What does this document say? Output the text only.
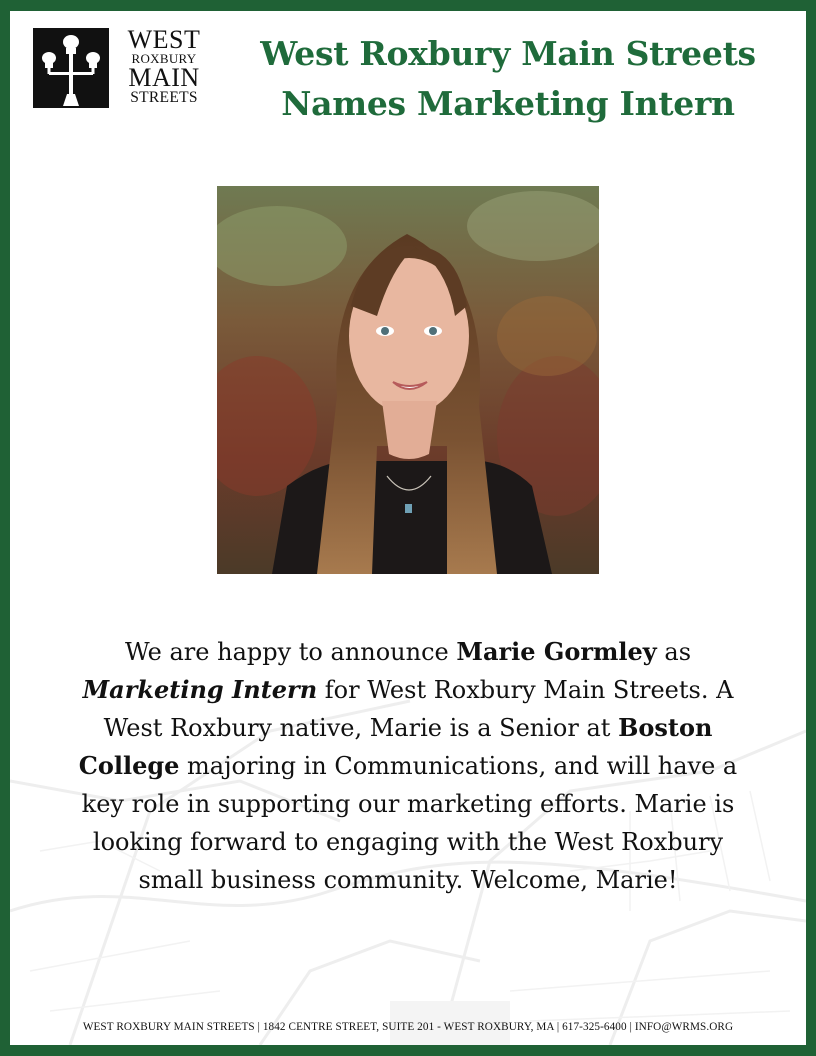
WEST
ROXBURY
MAIN
STREETS
West Roxbury Main Streets
Names Marketing Intern
We are happy to announce Marie Gormley as
Marketing Intern for West Roxbury Main Streets. A
West Roxbury native, Marie is a Senior at Boston
College majoring in Communications, and will have a
key role in supporting our marketing efforts. Marie is
looking forward to engaging with the West Roxbury
small business community. Welcome, Marie!
WEST ROXBURY MAIN STREETS | 1842 CENTRE STREET, SUITE 201 - WEST ROXBURY, MA | 617-325-6400 | INFO@WRMS.ORG
